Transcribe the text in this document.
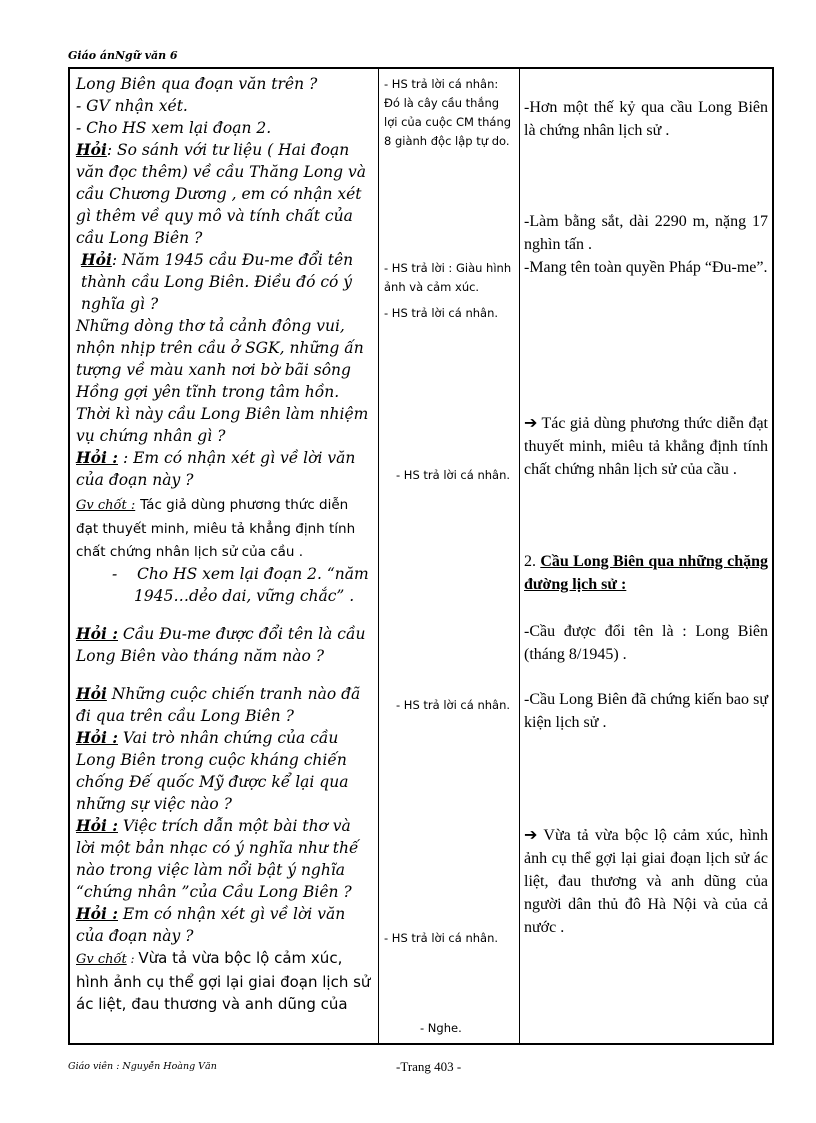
Giáo ánNgữ văn 6

Long Biên qua đoạn văn trên ?

- GV nhận xét.

- Cho HS xem lại đoạn 2.

Hỏi: So sánh với tư liệu ( Hai đoạn văn đọc thêm) về cầu Thăng Long và cầu Chương Dương , em có nhận xét gì thêm về quy mô và tính chất của cầu Long Biên ?

Hỏi: Năm 1945 cầu Đu-me đổi tên thành cầu Long Biên. Điều đó có ý nghĩa gì ?

Những dòng thơ tả cảnh đông vui, nhộn nhịp trên cầu ở SGK, những ấn tượng về màu xanh nơi bờ bãi sông Hồng gợi yên tĩnh trong tâm hồn. Thời kì này cầu Long Biên làm nhiệm vụ chứng nhân gì ?

Hỏi : : Em có nhận xét gì về lời văn của đoạn này ?

Gv chốt : Tác giả dùng phương thức diễn đạt thuyết minh, miêu tả khẳng định tính chất chứng nhân lịch sử của cầu .

-    Cho HS xem lại đoạn 2. “năm 1945…dẻo dai, vững chắc” .

Hỏi : Cầu Đu-me được đổi tên là cầu Long Biên vào tháng năm nào ?

Hỏi Những cuộc chiến tranh nào đã đi qua trên cầu Long Biên ?

Hỏi : Vai trò nhân chứng của cầu Long Biên trong cuộc kháng chiến chống Đế quốc Mỹ được kể lại qua những sự việc nào ?

Hỏi : Việc trích dẫn một bài thơ và lời một bản nhạc có ý nghĩa như thế nào trong việc làm nổi bật ý nghĩa “chứng nhân ”của Cầu Long Biên ?

Hỏi : Em có nhận xét gì về lời văn của đoạn này ?

Gv chốt : Vừa tả vừa bộc lộ cảm xúc, hình ảnh cụ thể gợi lại giai đoạn lịch sử ác liệt, đau thương và anh dũng của

- HS trả lời cá nhân: Đó là cây cầu thắng lợi của cuộc CM tháng 8 giành độc lập tự do.
- HS trả lời : Giàu hình ảnh và cảm xúc.
- HS trả lời cá nhân.
- HS trả lời cá nhân.
- HS trả lời cá nhân.
- HS trả lời cá nhân.
- Nghe.
-Hơn một thế kỷ qua cầu Long Biên là chứng nhân lịch sử .
-Làm bằng sắt, dài 2290 m, nặng 17 nghìn tấn .
-Mang tên toàn quyền Pháp “Đu-me”.
➔ Tác giả dùng phương thức diễn đạt thuyết minh, miêu tả khẳng định tính chất chứng nhân lịch sử của cầu .
2. Cầu Long Biên qua những chặng đường lịch sử :
-Cầu được đổi tên là : Long Biên (tháng 8/1945) .
-Cầu Long Biên đã chứng kiến bao sự kiện lịch sử .
➔ Vừa tả vừa bộc lộ cảm xúc, hình ảnh cụ thể gợi lại giai đoạn lịch sử ác liệt, đau thương và anh dũng của người dân thủ đô Hà Nội và của cả nước .
Giáo viên : Nguyễn Hoàng Văn	-Trang 403 -
